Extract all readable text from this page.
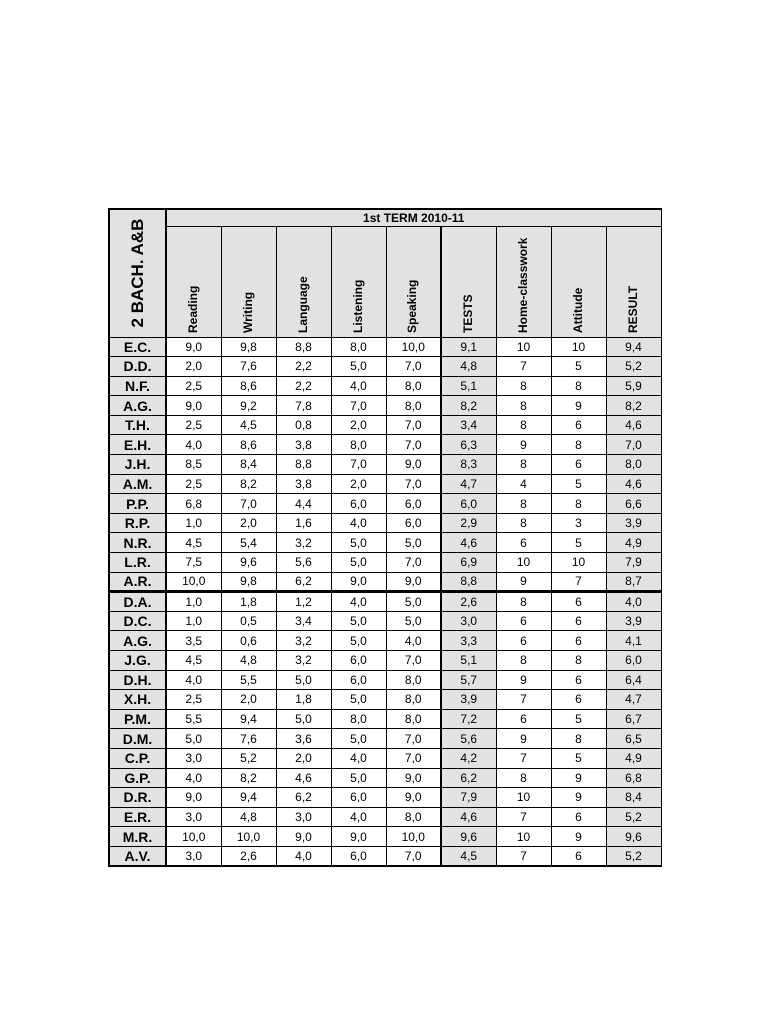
2 BACH. A&B	1st TERM 2010-11								

	Reading	Writing	Language	Listening	Speaking	TESTS	Home-classwork	Attitude	RESULT

E.C.	9,0	9,8	8,8	8,0	10,0	9,1	10	10	9,4
D.D.	2,0	7,6	2,2	5,0	7,0	4,8	7	5	5,2
N.F.	2,5	8,6	2,2	4,0	8,0	5,1	8	8	5,9
A.G.	9,0	9,2	7,8	7,0	8,0	8,2	8	9	8,2
T.H.	2,5	4,5	0,8	2,0	7,0	3,4	8	6	4,6
E.H.	4,0	8,6	3,8	8,0	7,0	6,3	9	8	7,0
J.H.	8,5	8,4	8,8	7,0	9,0	8,3	8	6	8,0
A.M.	2,5	8,2	3,8	2,0	7,0	4,7	4	5	4,6
P.P.	6,8	7,0	4,4	6,0	6,0	6,0	8	8	6,6
R.P.	1,0	2,0	1,6	4,0	6,0	2,9	8	3	3,9
N.R.	4,5	5,4	3,2	5,0	5,0	4,6	6	5	4,9
L.R.	7,5	9,6	5,6	5,0	7,0	6,9	10	10	7,9
A.R.	10,0	9,8	6,2	9,0	9,0	8,8	9	7	8,7
D.A.	1,0	1,8	1,2	4,0	5,0	2,6	8	6	4,0
D.C.	1,0	0,5	3,4	5,0	5,0	3,0	6	6	3,9
A.G.	3,5	0,6	3,2	5,0	4,0	3,3	6	6	4,1
J.G.	4,5	4,8	3,2	6,0	7,0	5,1	8	8	6,0
D.H.	4,0	5,5	5,0	6,0	8,0	5,7	9	6	6,4
X.H.	2,5	2,0	1,8	5,0	8,0	3,9	7	6	4,7
P.M.	5,5	9,4	5,0	8,0	8,0	7,2	6	5	6,7
D.M.	5,0	7,6	3,6	5,0	7,0	5,6	9	8	6,5
C.P.	3,0	5,2	2,0	4,0	7,0	4,2	7	5	4,9
G.P.	4,0	8,2	4,6	5,0	9,0	6,2	8	9	6,8
D.R.	9,0	9,4	6,2	6,0	9,0	7,9	10	9	8,4
E.R.	3,0	4,8	3,0	4,0	8,0	4,6	7	6	5,2
M.R.	10,0	10,0	9,0	9,0	10,0	9,6	10	9	9,6
A.V.	3,0	2,6	4,0	6,0	7,0	4,5	7	6	5,2
